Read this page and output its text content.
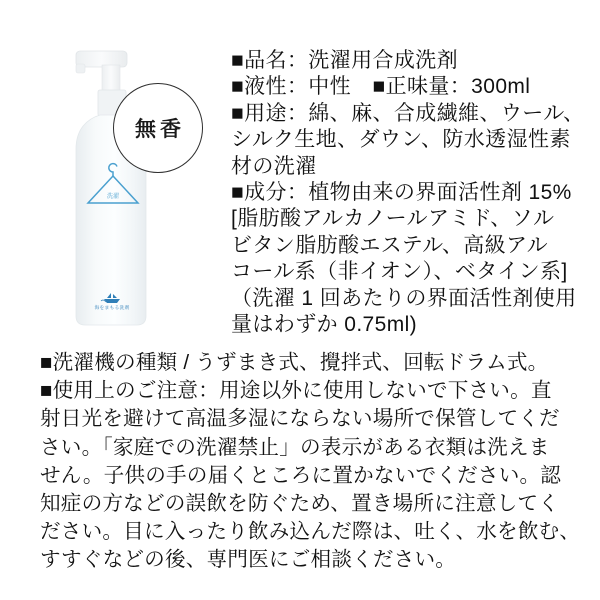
洗濯
海をまもる洗剤
無香
■品名：洗濯用合成洗剤
■液性：中性　■正味量：300ml
■用途：綿、麻、合成繊維、ウール、
シルク生地、ダウン、防水透湿性素
材の洗濯
■成分：植物由来の界面活性剤 15%
[脂肪酸アルカノールアミド、ソル
ビタン脂肪酸エステル、高級アル
コール系（非イオン）、ベタイン系]
（洗濯 1 回あたりの界面活性剤使用
量はわずか 0.75ml)
■洗濯機の種類 / うずまき式、攪拌式、回転ドラム式。
■使用上のご注意：用途以外に使用しないで下さい。直
射日光を避けて高温多湿にならない場所で保管してくだ
さい。「家庭での洗濯禁止」の表示がある衣類は洗えま
せん。子供の手の届くところに置かないでください。認
知症の方などの誤飲を防ぐため、置き場所に注意してく
ださい。目に入ったり飲み込んだ際は、吐く、水を飲む、
すすぐなどの後、専門医にご相談ください。
